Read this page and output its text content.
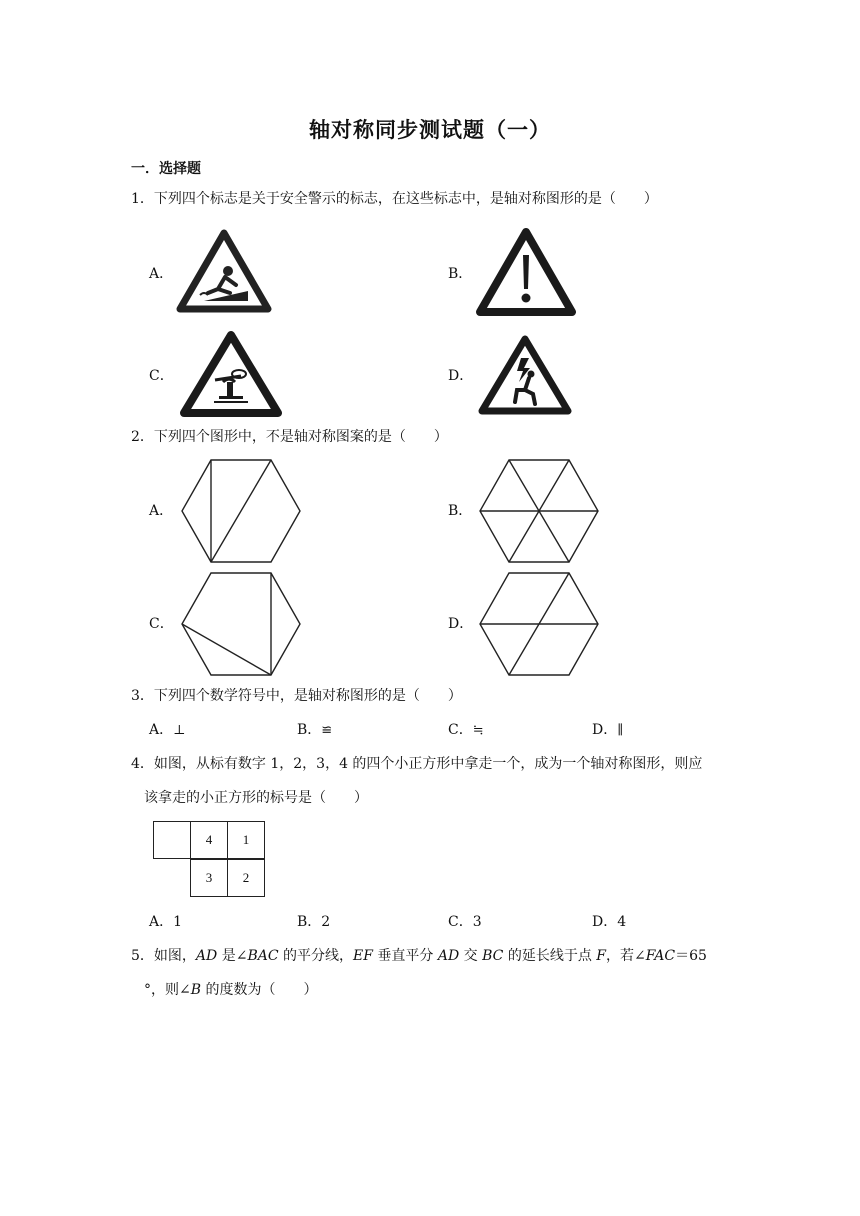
轴对称同步测试题（一）
一．选择题
1．下列四个标志是关于安全警示的标志，在这些标志中，是轴对称图形的是（　　）
A．	B．
C．	D．
2．下列四个图形中，不是轴对称图案的是（　　）
A．	B．
C．	D．
3．下列四个数学符号中，是轴对称图形的是（　　）
A．⊥	B．≌	C．≒	D．∥
4．如图，从标有数字 1，2，3，4 的四个小正方形中拿走一个，成为一个轴对称图形，则应
该拿走的小正方形的标号是（　　）
4 1
3 2
A．1	B．2	C．3	D．4
5．如图，AD 是∠BAC 的平分线，EF 垂直平分 AD 交 BC 的延长线于点 F，若∠FAC＝65
°，则∠B 的度数为（　　）
